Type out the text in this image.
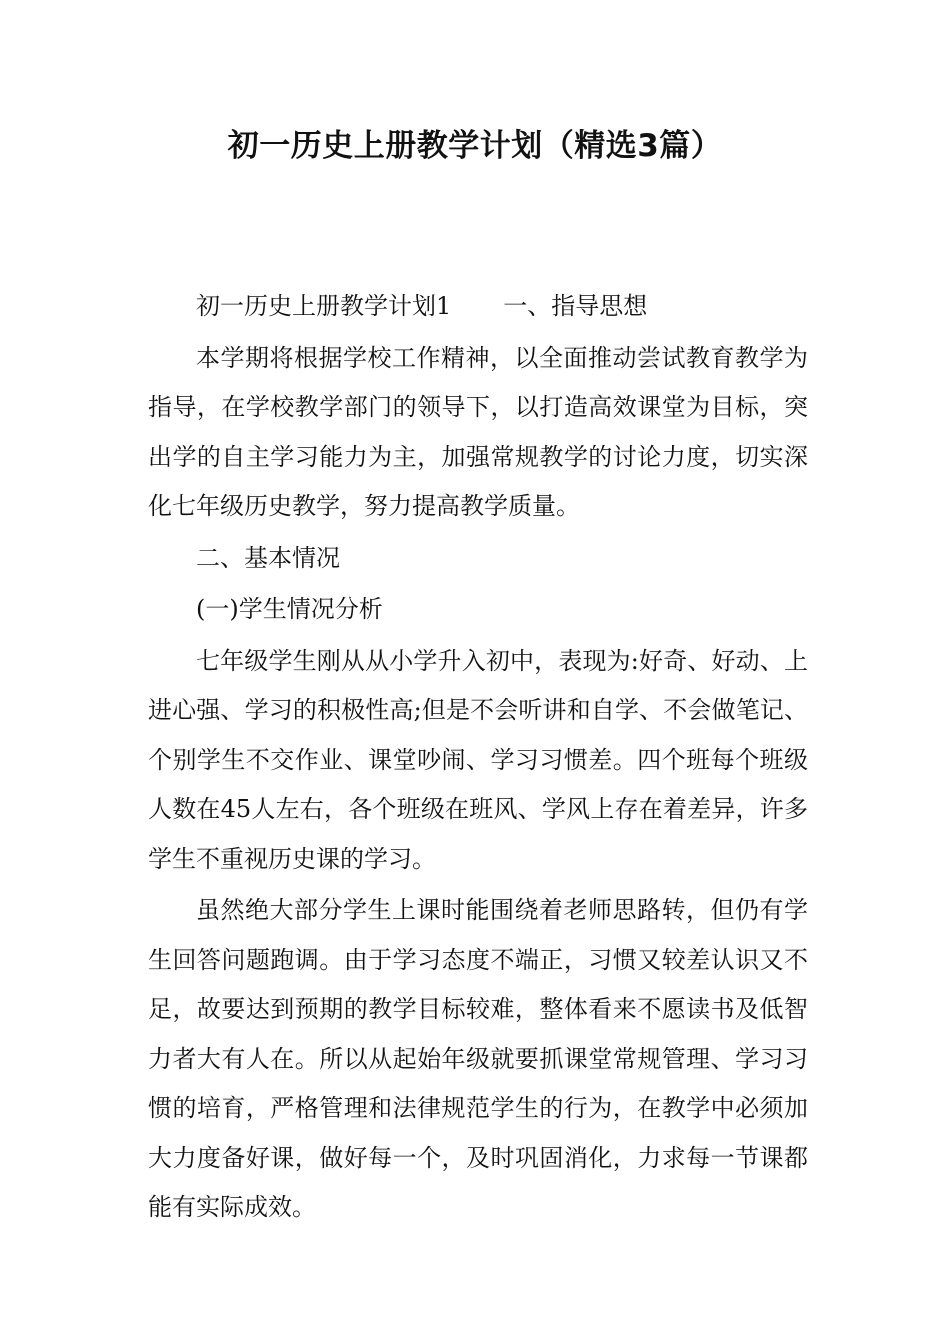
初一历史上册教学计划（精选3篇）

初一历史上册教学计划1 一、指导思想

本学期将根据学校工作精神，以全面推动尝试教育教学为指导，在学校教学部门的领导下，以打造高效课堂为目标，突出学的自主学习能力为主，加强常规教学的讨论力度，切实深化七年级历史教学，努力提高教学质量。

二、基本情况

(一)学生情况分析

七年级学生刚从从小学升入初中，表现为:好奇、好动、上进心强、学习的积极性高;但是不会听讲和自学、不会做笔记、个别学生不交作业、课堂吵闹、学习习惯差。四个班每个班级人数在45人左右，各个班级在班风、学风上存在着差异，许多学生不重视历史课的学习。

虽然绝大部分学生上课时能围绕着老师思路转，但仍有学生回答问题跑调。由于学习态度不端正，习惯又较差认识又不足，故要达到预期的教学目标较难，整体看来不愿读书及低智力者大有人在。所以从起始年级就要抓课堂常规管理、学习习惯的培育，严格管理和法律规范学生的行为，在教学中必须加大力度备好课，做好每一个，及时巩固消化，力求每一节课都能有实际成效。
